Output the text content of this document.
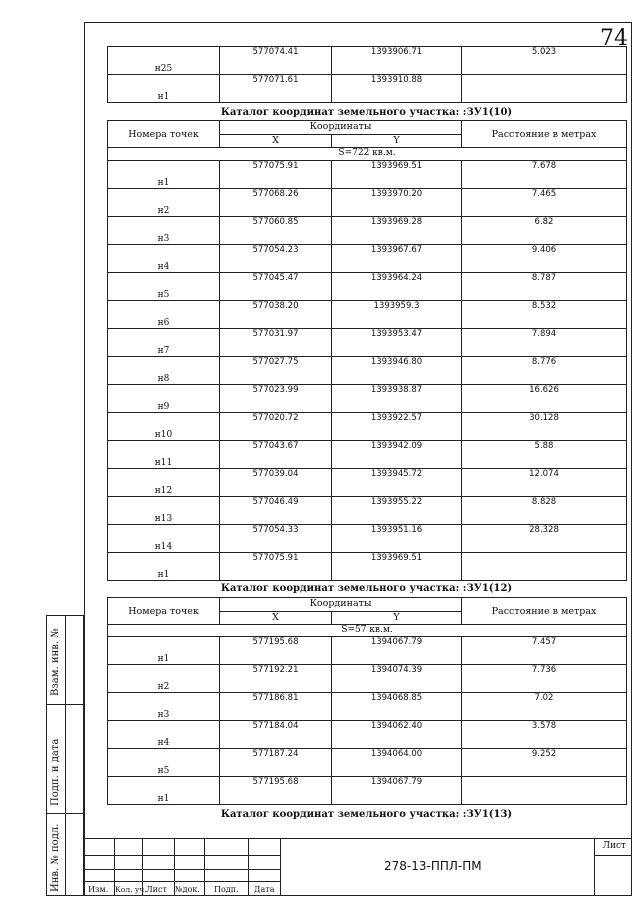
74
Взам. инв. №
Подп. и дата
Инв. № подл.
н25	577074.41	1393906.71	5.023
н1	577071.61	1393910.88	
Каталог координат земельного участка: :ЗУ1(10)
Номера точек	Координаты		Расстояние в метрах
	X	Y	
S=722 кв.м.			
н1	577075.91	1393969.51	7.678
н2	577068.26	1393970.20	7.465
н3	577060.85	1393969.28	6.82
н4	577054.23	1393967.67	9.406
н5	577045.47	1393964.24	8.787
н6	577038.20	1393959.3	8.532
н7	577031.97	1393953.47	7.894
н8	577027.75	1393946.80	8.776
н9	577023.99	1393938.87	16.626
н10	577020.72	1393922.57	30.128
н11	577043.67	1393942.09	5.88
н12	577039.04	1393945.72	12.074
н13	577046.49	1393955.22	8.828
н14	577054.33	1393951.16	28.328
н1	577075.91	1393969.51	
Каталог координат земельного участка: :ЗУ1(12)
Номера точек	Координаты		Расстояние в метрах
	X	Y	
S=57 кв.м.			
н1	577195.68	1394067.79	7.457
н2	577192.21	1394074.39	7.736
н3	577186.81	1394068.85	7.02
н4	577184.04	1394062.40	3.578
н5	577187.24	1394064.00	9.252
н1	577195.68	1394067.79	
Каталог координат земельного участка: :ЗУ1(13)
Изм. Кол. уч. Лист №док. Подп. Дата
278-13-ППЛ-ПМ
Лист
